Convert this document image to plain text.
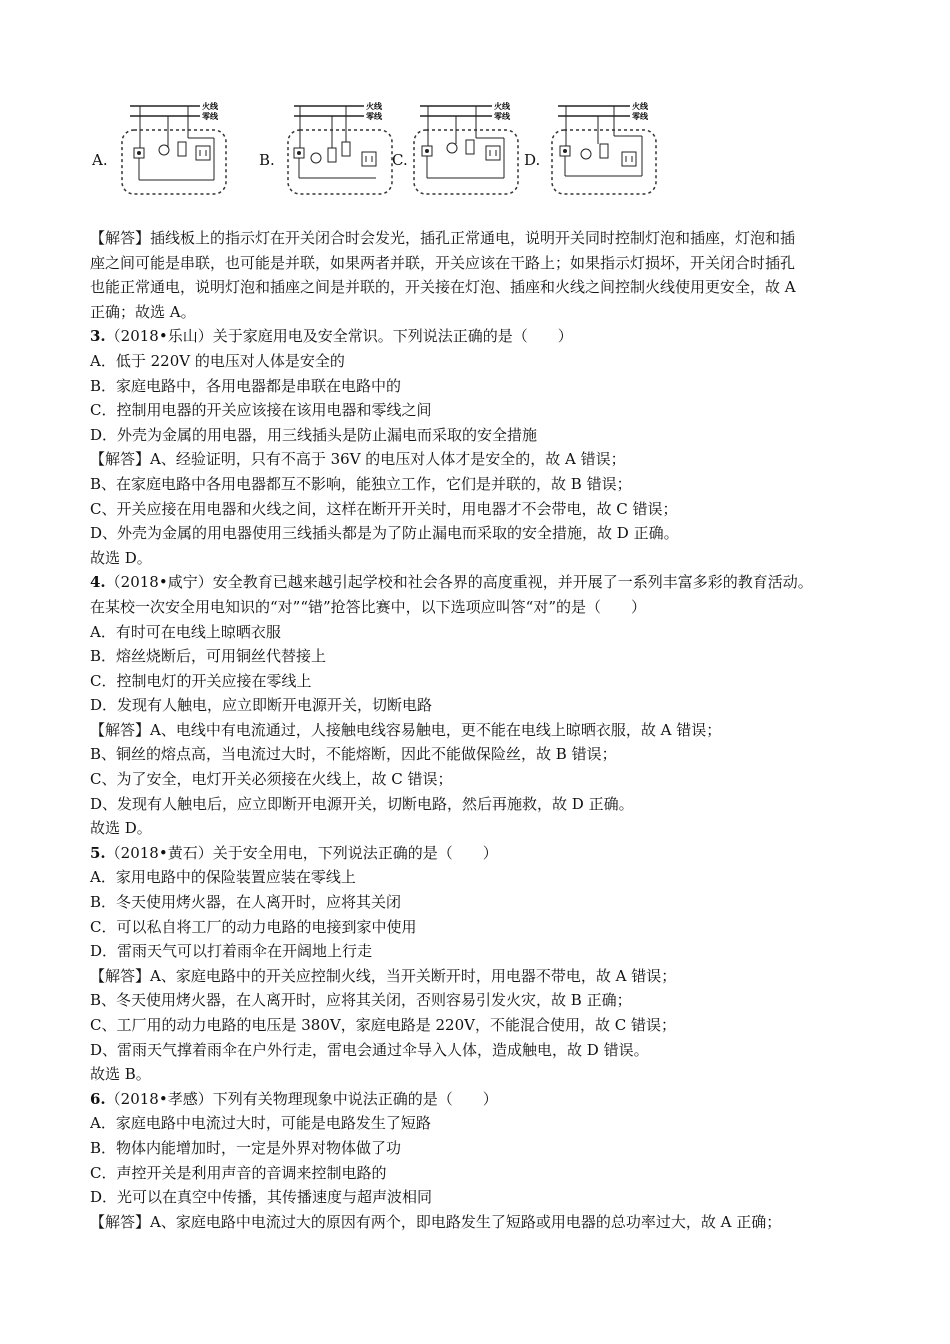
A.
火线
零线
B.
火线
零线
C.
火线
零线
D.
火线
零线
【解答】插线板上的指示灯在开关闭合时会发光，插孔正常通电，说明开关同时控制灯泡和插座，灯泡和插
座之间可能是串联，也可能是并联，如果两者并联，开关应该在干路上；如果指示灯损坏，开关闭合时插孔
也能正常通电，说明灯泡和插座之间是并联的，开关接在灯泡、插座和火线之间控制火线使用更安全，故 A
正确；故选 A。
3.（2018•乐山）关于家庭用电及安全常识。下列说法正确的是（　　）
A．低于 220V 的电压对人体是安全的
B．家庭电路中，各用电器都是串联在电路中的
C．控制用电器的开关应该接在该用电器和零线之间
D．外壳为金属的用电器，用三线插头是防止漏电而采取的安全措施
【解答】A、经验证明，只有不高于 36V 的电压对人体才是安全的，故 A 错误；
B、在家庭电路中各用电器都互不影响，能独立工作，它们是并联的，故 B 错误；
C、开关应接在用电器和火线之间，这样在断开开关时，用电器才不会带电，故 C 错误；
D、外壳为金属的用电器使用三线插头都是为了防止漏电而采取的安全措施，故 D 正确。
故选 D。
4.（2018•咸宁）安全教育已越来越引起学校和社会各界的高度重视，并开展了一系列丰富多彩的教育活动。
在某校一次安全用电知识的“对”“错”抢答比赛中，以下选项应叫答“对”的是（　　）
A．有时可在电线上晾晒衣服
B．熔丝烧断后，可用铜丝代替接上
C．控制电灯的开关应接在零线上
D．发现有人触电，应立即断开电源开关，切断电路
【解答】A、电线中有电流通过，人接触电线容易触电，更不能在电线上晾晒衣服，故 A 错误；
B、铜丝的熔点高，当电流过大时，不能熔断，因此不能做保险丝，故 B 错误；
C、为了安全，电灯开关必须接在火线上，故 C 错误；
D、发现有人触电后，应立即断开电源开关，切断电路，然后再施救，故 D 正确。
故选 D。
5.（2018•黄石）关于安全用电，下列说法正确的是（　　）
A．家用电路中的保险装置应装在零线上
B．冬天使用烤火器，在人离开时，应将其关闭
C．可以私自将工厂的动力电路的电接到家中使用
D．雷雨天气可以打着雨伞在开阔地上行走
【解答】A、家庭电路中的开关应控制火线，当开关断开时，用电器不带电，故 A 错误；
B、冬天使用烤火器，在人离开时，应将其关闭，否则容易引发火灾，故 B 正确；
C、工厂用的动力电路的电压是 380V，家庭电路是 220V，不能混合使用，故 C 错误；
D、雷雨天气撑着雨伞在户外行走，雷电会通过伞导入人体，造成触电，故 D 错误。
故选 B。
6.（2018•孝感）下列有关物理现象中说法正确的是（　　）
A．家庭电路中电流过大时，可能是电路发生了短路
B．物体内能增加时，一定是外界对物体做了功
C．声控开关是利用声音的音调来控制电路的
D．光可以在真空中传播，其传播速度与超声波相同
【解答】A、家庭电路中电流过大的原因有两个，即电路发生了短路或用电器的总功率过大，故 A 正确；
